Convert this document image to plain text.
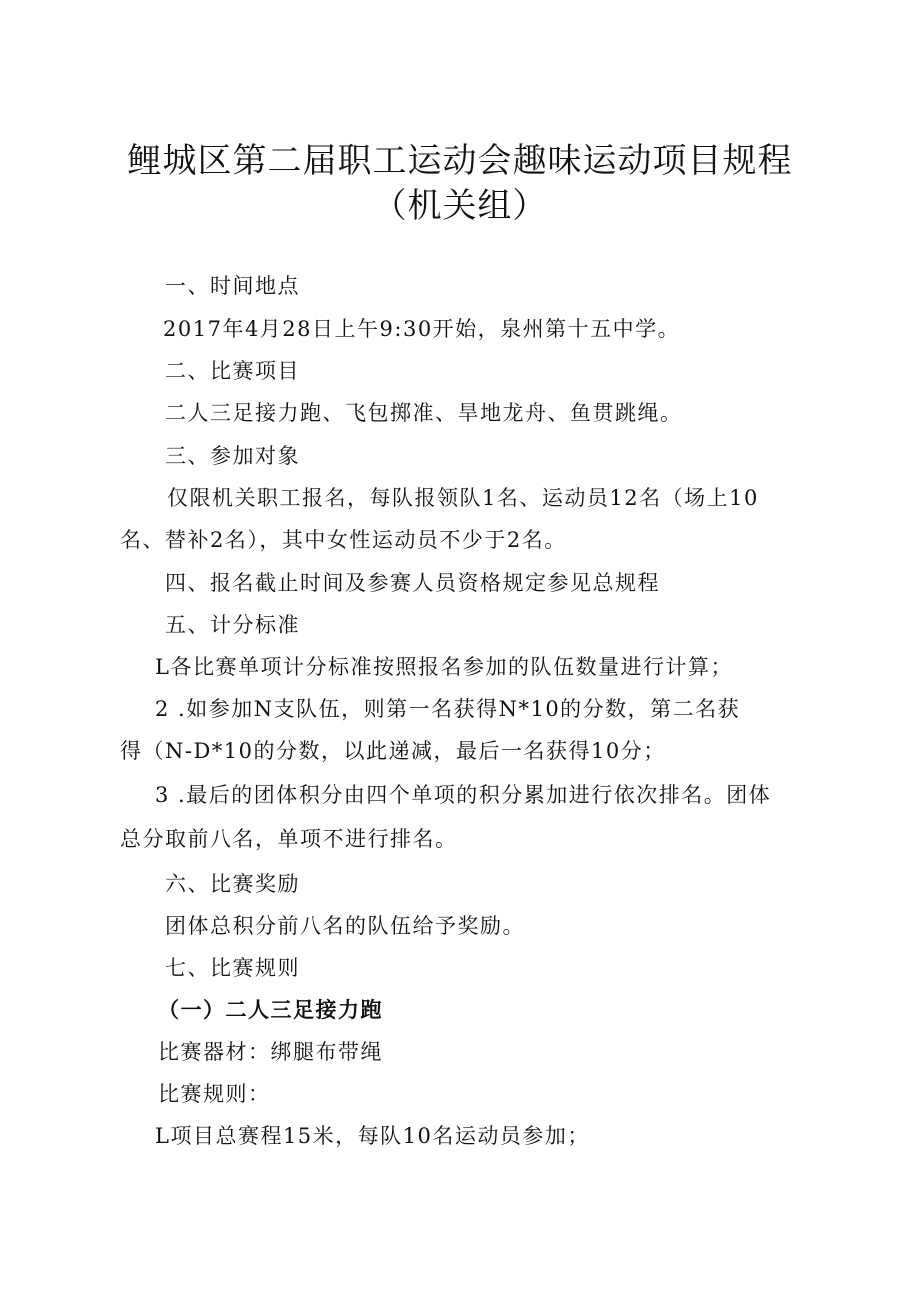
鲤城区第二届职工运动会趣味运动项目规程
（机关组）

一、时间地点

2017年4月28日上午9:30开始，泉州第十五中学。

二、比赛项目

二人三足接力跑、飞包掷准、旱地龙舟、鱼贯跳绳。

三、参加对象

仅限机关职工报名，每队报领队1名、运动员12名（场上10

名、替补2名），其中女性运动员不少于2名。

四、报名截止时间及参赛人员资格规定参见总规程

五、计分标准

L各比赛单项计分标准按照报名参加的队伍数量进行计算；

2 .如参加N支队伍，则第一名获得N*10的分数，第二名获

得（N-D*10的分数，以此递减，最后一名获得10分；

3 .最后的团体积分由四个单项的积分累加进行依次排名。团体

总分取前八名，单项不进行排名。

六、比赛奖励

团体总积分前八名的队伍给予奖励。

七、比赛规则

（一）二人三足接力跑

比赛器材：绑腿布带绳

比赛规则：

L项目总赛程15米，每队10名运动员参加；
